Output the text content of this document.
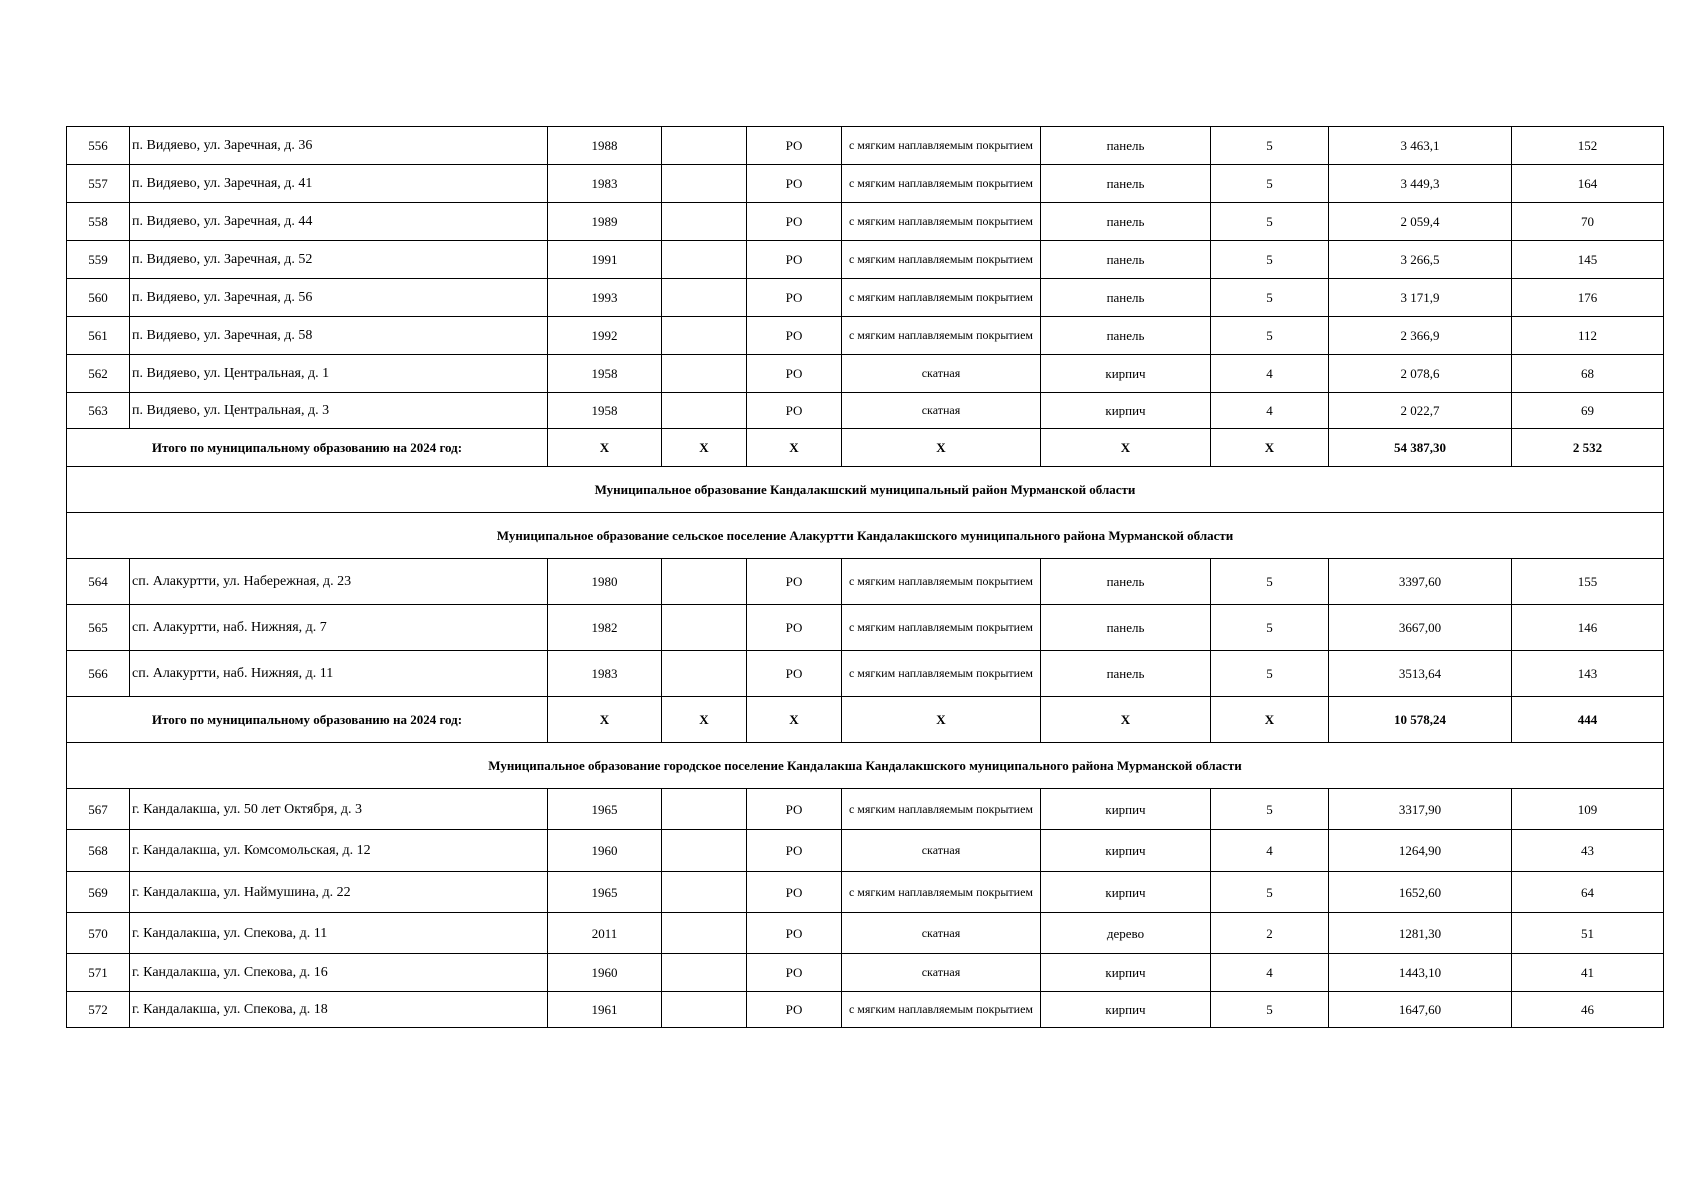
556	п. Видяево, ул. Заречная, д. 36	1988		РО	с мягким наплавляемым покрытием	панель	5	3 463,1	152
557	п. Видяево, ул. Заречная, д. 41	1983		РО	с мягким наплавляемым покрытием	панель	5	3 449,3	164
558	п. Видяево, ул. Заречная, д. 44	1989		РО	с мягким наплавляемым покрытием	панель	5	2 059,4	70
559	п. Видяево, ул. Заречная, д. 52	1991		РО	с мягким наплавляемым покрытием	панель	5	3 266,5	145
560	п. Видяево, ул. Заречная, д. 56	1993		РО	с мягким наплавляемым покрытием	панель	5	3 171,9	176
561	п. Видяево, ул. Заречная, д. 58	1992		РО	с мягким наплавляемым покрытием	панель	5	2 366,9	112
562	п. Видяево, ул. Центральная, д. 1	1958		РО	скатная	кирпич	4	2 078,6	68
563	п. Видяево, ул. Центральная, д. 3	1958		РО	скатная	кирпич	4	2 022,7	69
Итого по муниципальному образованию на 2024 год:		X	X	X	X	X	X	54 387,30	2 532
Муниципальное образование Кандалакшский муниципальный район Мурманской области									
Муниципальное образование сельское поселение Алакуртти Кандалакшского муниципального района Мурманской области									
564	сп. Алакуртти, ул. Набережная, д. 23	1980		РО	с мягким наплавляемым покрытием	панель	5	3397,60	155
565	сп. Алакуртти, наб. Нижняя, д. 7	1982		РО	с мягким наплавляемым покрытием	панель	5	3667,00	146
566	сп. Алакуртти, наб. Нижняя, д. 11	1983		РО	с мягким наплавляемым покрытием	панель	5	3513,64	143
Итого по муниципальному образованию на 2024 год:		X	X	X	X	X	X	10 578,24	444
Муниципальное образование городское поселение Кандалакша Кандалакшского муниципального района Мурманской области									
567	г. Кандалакша, ул. 50 лет Октября, д. 3	1965		РО	с мягким наплавляемым покрытием	кирпич	5	3317,90	109
568	г. Кандалакша, ул. Комсомольская, д. 12	1960		РО	скатная	кирпич	4	1264,90	43
569	г. Кандалакша, ул. Наймушина, д. 22	1965		РО	с мягким наплавляемым покрытием	кирпич	5	1652,60	64
570	г. Кандалакша, ул. Спекова, д. 11	2011		РО	скатная	дерево	2	1281,30	51
571	г. Кандалакша, ул. Спекова, д. 16	1960		РО	скатная	кирпич	4	1443,10	41
572	г. Кандалакша, ул. Спекова, д. 18	1961		РО	с мягким наплавляемым покрытием	кирпич	5	1647,60	46
